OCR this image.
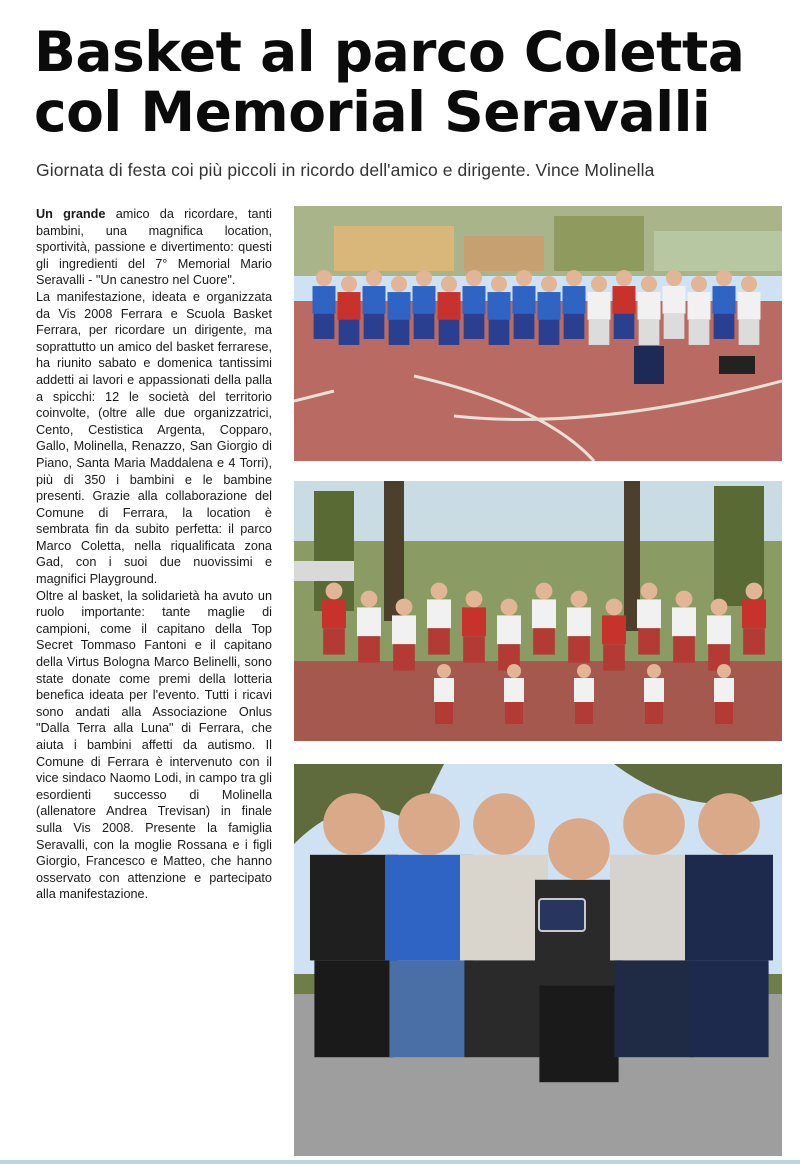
Basket al parco Coletta
col Memorial Seravalli
Giornata di festa coi più piccoli in ricordo dell'amico e dirigente. Vince Molinella

Un grande amico da ricordare, tanti bambini, una magnifica location, sportività, passione e divertimento: questi gli ingredienti del 7° Memorial Mario Seravalli - "Un canestro nel Cuore".

La manifestazione, ideata e organizzata da Vis 2008 Ferrara e Scuola Basket Ferrara, per ricordare un dirigente, ma soprattutto un amico del basket ferrarese, ha riunito sabato e domenica tantissimi addetti ai lavori e appassionati della palla a spicchi: 12 le società del territorio coinvolte, (oltre alle due organizzatrici, Cento, Cestistica Argenta, Copparo, Gallo, Molinella, Renazzo, San Giorgio di Piano, Santa Maria Maddalena e 4 Torri), più di 350 i bambini e le bambine presenti. Grazie alla collaborazione del Comune di Ferrara, la location è sembrata fin da subito perfetta: il parco Marco Coletta, nella riqualificata zona Gad, con i suoi due nuovissimi e magnifici Playground.

Oltre al basket, la solidarietà ha avuto un ruolo importante: tante maglie di campioni, come il capitano della Top Secret Tommaso Fantoni e il capitano della Virtus Bologna Marco Belinelli, sono state donate come premi della lotteria benefica ideata per l'evento. Tutti i ricavi sono andati alla Associazione Onlus "Dalla Terra alla Luna" di Ferrara, che aiuta i bambini affetti da autismo. Il Comune di Ferrara è intervenuto con il vice sindaco Naomo Lodi, in campo tra gli esordienti successo di Molinella (allenatore Andrea Trevisan) in finale sulla Vis 2008. Presente la famiglia Seravalli, con la moglie Rossana e i figli Giorgio, Francesco e Matteo, che hanno osservato con attenzione e partecipato alla manifestazione.
